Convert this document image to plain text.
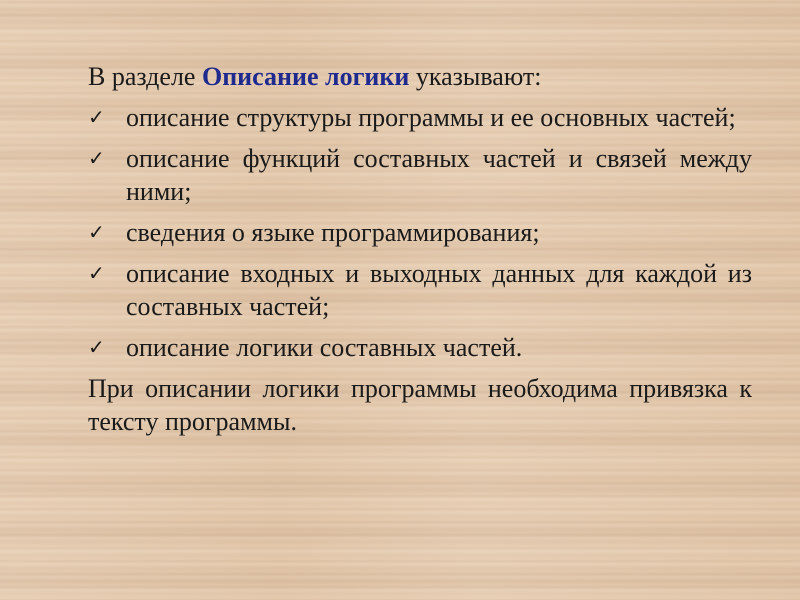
В разделе Описание логики указывают:

✓ описание структуры программы и ее основных частей;
✓ описание функций составных частей и связей между ними;
✓ сведения о языке программирования;
✓ описание входных и выходных данных для каждой из составных частей;
✓ описание логики составных частей.

При описании логики программы необходима привязка к тексту программы.
